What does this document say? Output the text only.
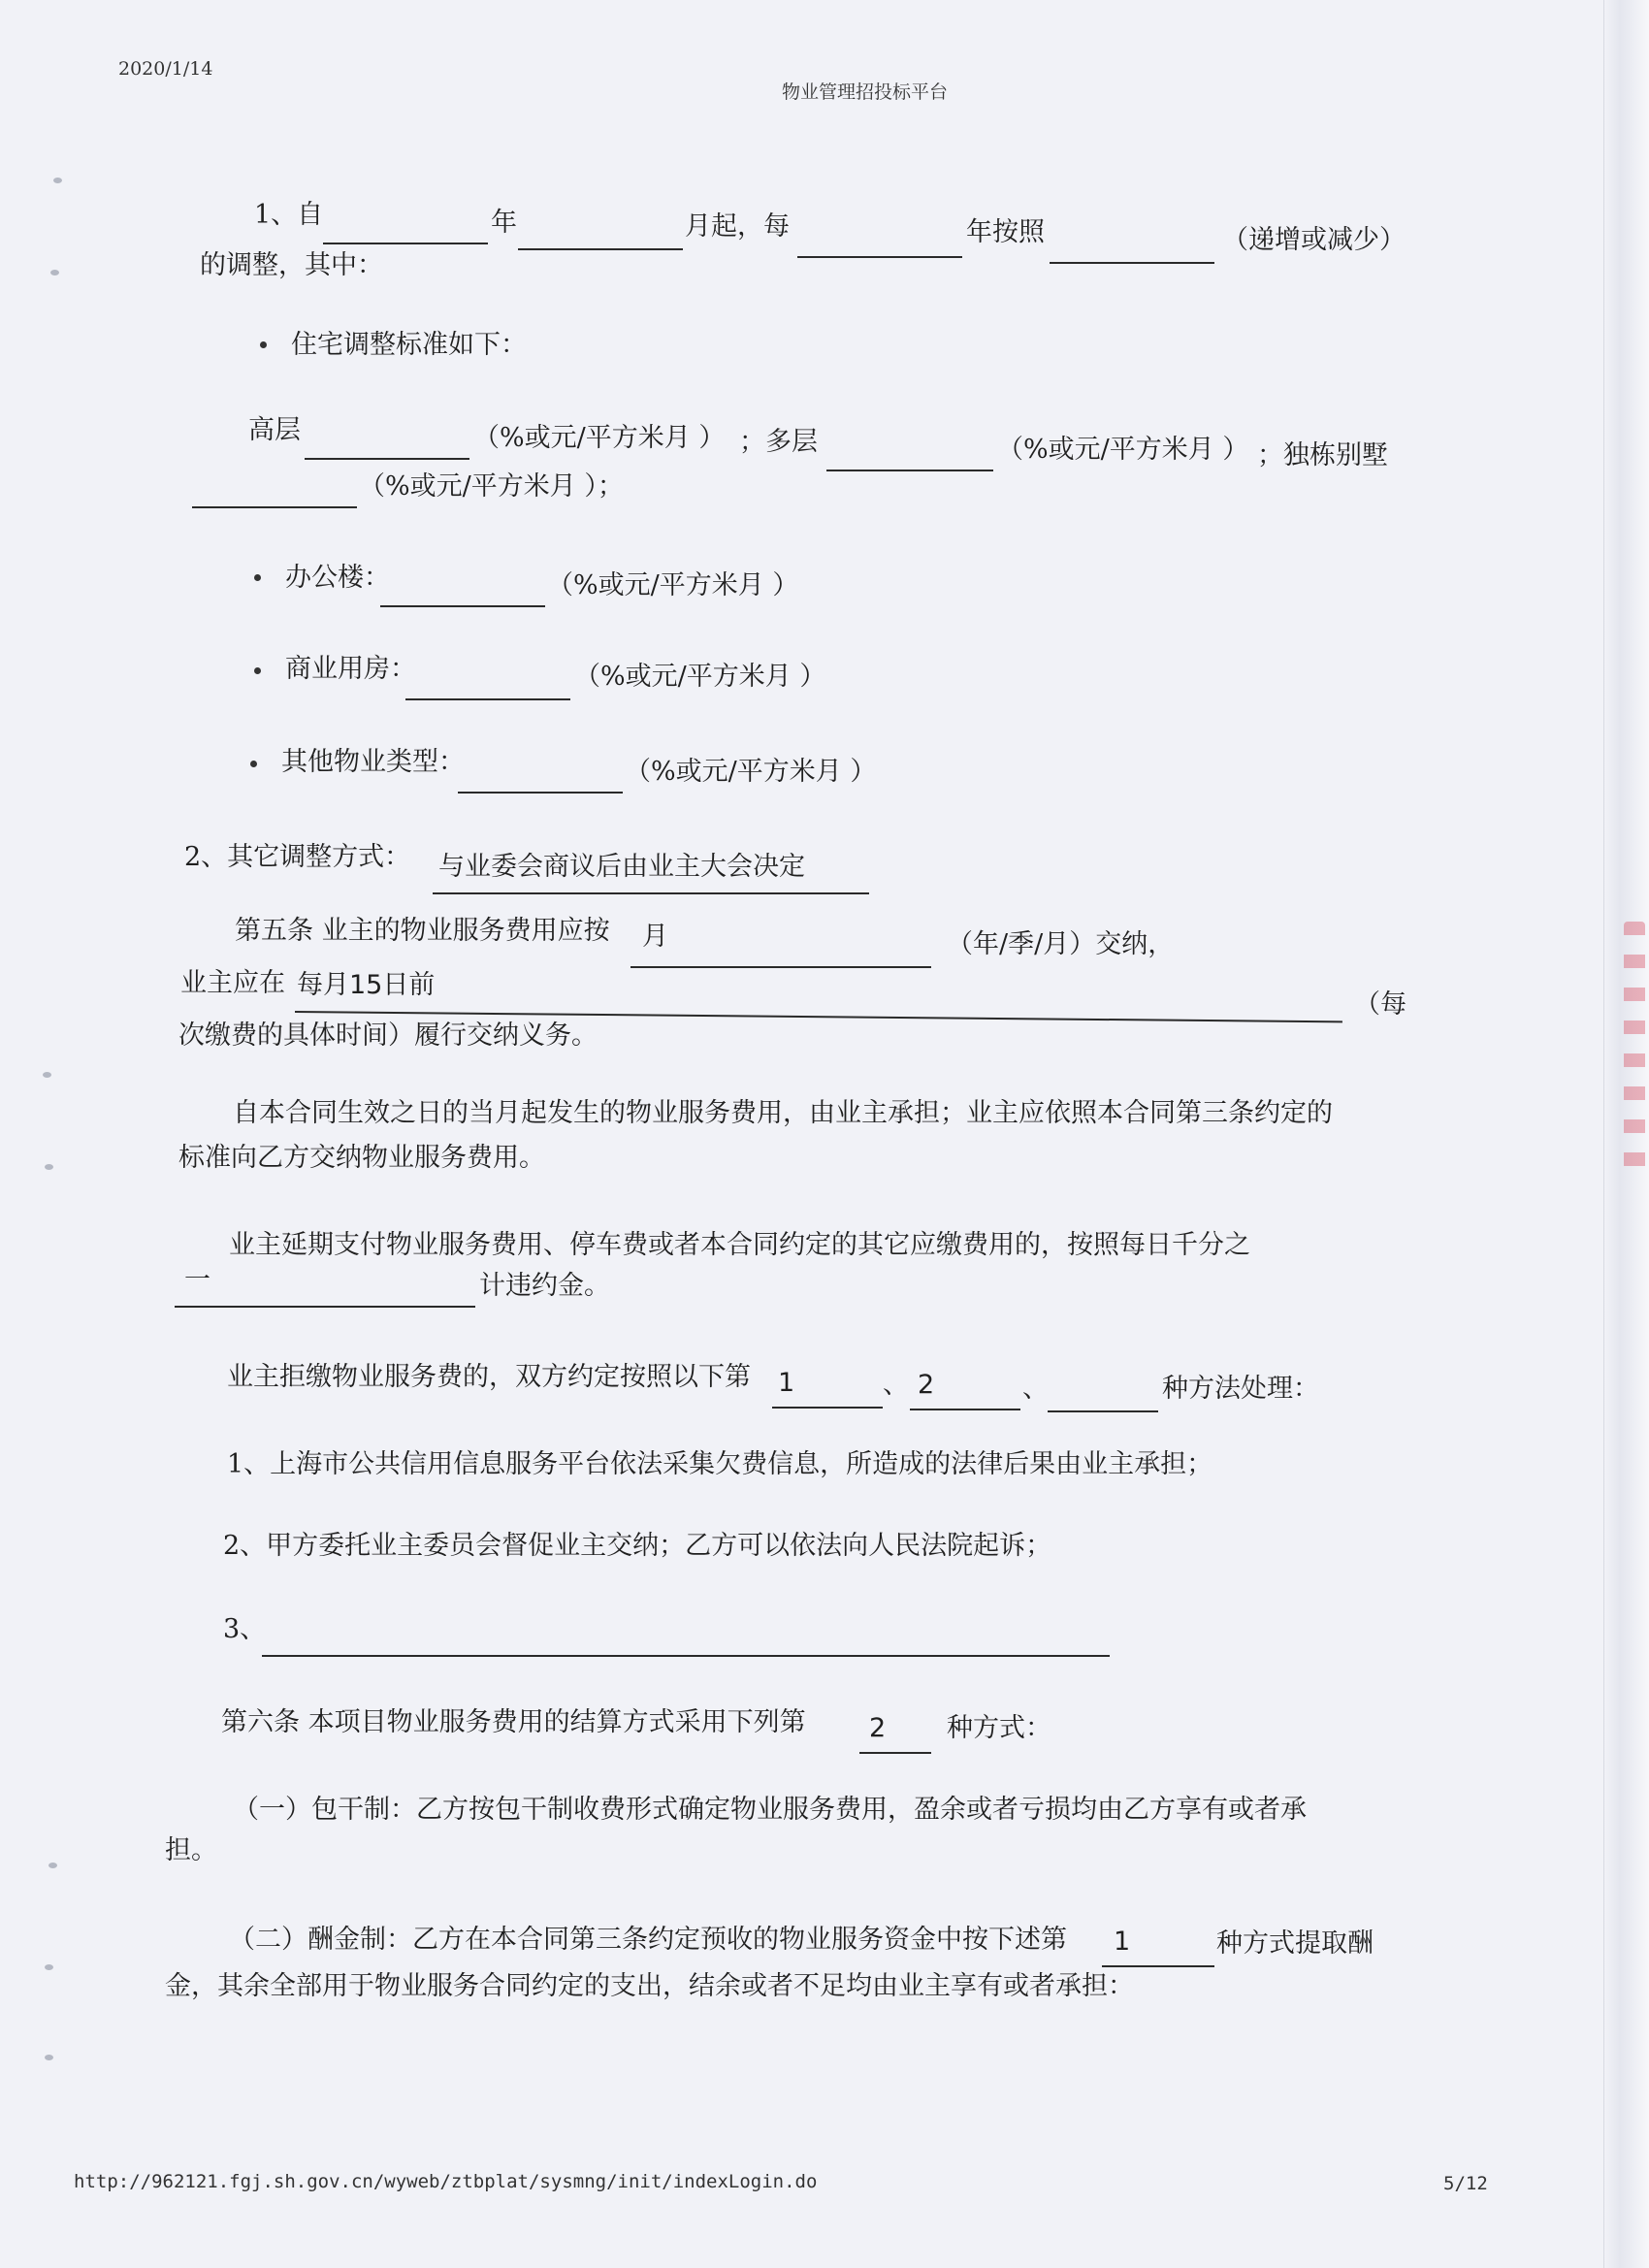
2020/1/14
物业管理招投标平台
1、自	年	月起，每	年按照	（递增或减少）
的调整，其中：
住宅调整标准如下：
高层	（%或元/平方米月 ） ；多层	（%或元/平方米月 ） ；独栋别墅
（%或元/平方米月 ）；
办公楼：	（%或元/平方米月 ）
商业用房：	（%或元/平方米月 ）
其他物业类型：	（%或元/平方米月 ）
2、其它调整方式： 与业委会商议后由业主大会决定
第五条 业主的物业服务费用应按 月	（年/季/月）交纳，
业主应在 每月15日前
（每
次缴费的具体时间）履行交纳义务。
自本合同生效之日的当月起发生的物业服务费用，由业主承担；业主应依照本合同第三条约定的
标准向乙方交纳物业服务费用。
业主延期支付物业服务费用、停车费或者本合同约定的其它应缴费用的，按照每日千分之
一	计违约金。
业主拒缴物业服务费的，双方约定按照以下第 1	、 2	、	种方法处理：
1、上海市公共信用信息服务平台依法采集欠费信息，所造成的法律后果由业主承担；
2、甲方委托业主委员会督促业主交纳；乙方可以依法向人民法院起诉；
3、
第六条 本项目物业服务费用的结算方式采用下列第 2 种方式：
（一）包干制：乙方按包干制收费形式确定物业服务费用，盈余或者亏损均由乙方享有或者承
担。
（二）酬金制：乙方在本合同第三条约定预收的物业服务资金中按下述第 1	种方式提取酬
金，其余全部用于物业服务合同约定的支出，结余或者不足均由业主享有或者承担：
http://962121.fgj.sh.gov.cn/wyweb/ztbplat/sysmng/init/indexLogin.do	5/12
